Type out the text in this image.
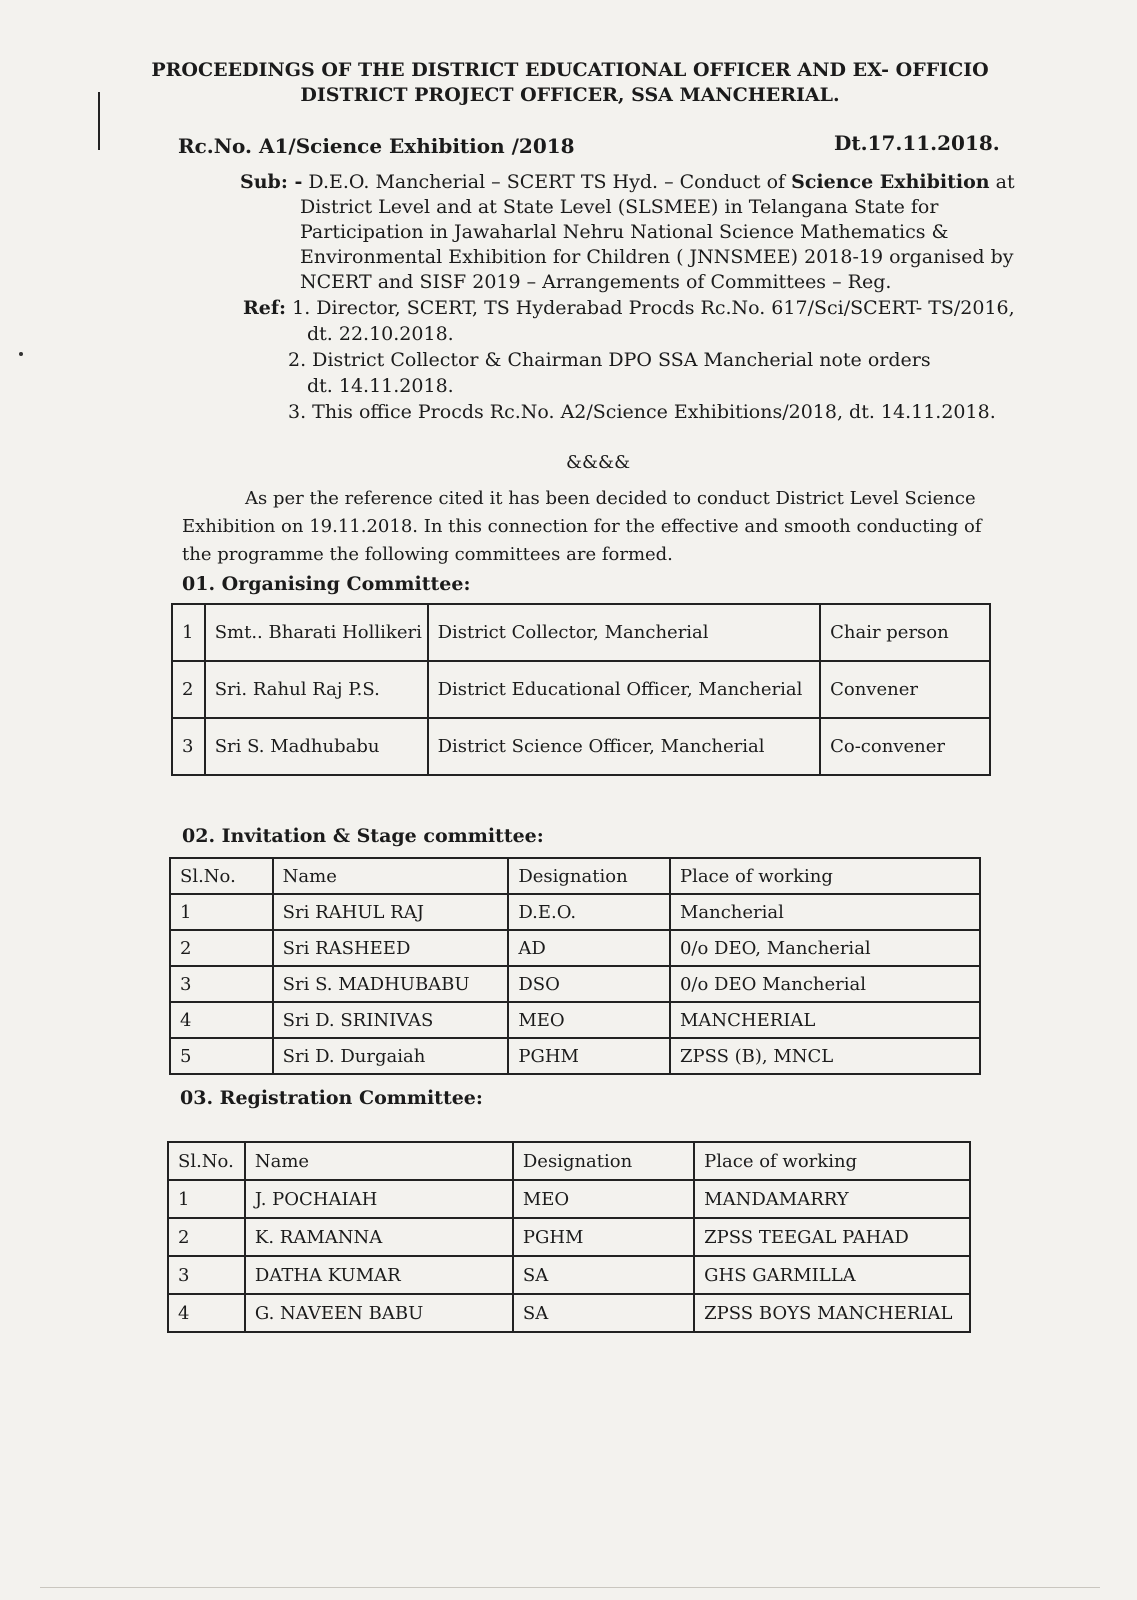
PROCEEDINGS OF THE DISTRICT EDUCATIONAL OFFICER AND EX- OFFICIO
DISTRICT PROJECT OFFICER, SSA MANCHERIAL.
Rc.No. A1/Science Exhibition /2018	Dt.17.11.2018.
Sub: - D.E.O. Mancherial – SCERT TS Hyd. – Conduct of Science Exhibition at
District Level and at State Level (SLSMEE) in Telangana State for
Participation in Jawaharlal Nehru National Science Mathematics &
Environmental Exhibition for Children ( JNNSMEE) 2018-19 organised by
NCERT and SISF 2019 – Arrangements of Committees – Reg.
Ref: 1. Director, SCERT, TS Hyderabad Procds Rc.No. 617/Sci/SCERT- TS/2016,
dt. 22.10.2018.
2. District Collector & Chairman DPO SSA Mancherial note orders
dt. 14.11.2018.
3. This office Procds Rc.No. A2/Science Exhibitions/2018, dt. 14.11.2018.
&&&&
As per the reference cited it has been decided to conduct District Level Science
Exhibition on 19.11.2018. In this connection for the effective and smooth conducting of
the programme the following committees are formed.
01. Organising Committee:
1	Smt.. Bharati Hollikeri	District Collector, Mancherial	Chair person
2	Sri. Rahul Raj P.S.	District Educational Officer, Mancherial	Convener
3	Sri S. Madhubabu	District Science Officer, Mancherial	Co-convener
02. Invitation & Stage committee:
Sl.No.	Name	Designation	Place of working
1	Sri RAHUL RAJ	D.E.O.	Mancherial
2	Sri RASHEED	AD	0/o DEO, Mancherial
3	Sri S. MADHUBABU	DSO	0/o DEO Mancherial
4	Sri D. SRINIVAS	MEO	MANCHERIAL
5	Sri D. Durgaiah	PGHM	ZPSS (B), MNCL
03. Registration Committee:
Sl.No.	Name	Designation	Place of working
1	J. POCHAIAH	MEO	MANDAMARRY
2	K. RAMANNA	PGHM	ZPSS TEEGAL PAHAD
3	DATHA KUMAR	SA	GHS GARMILLA
4	G. NAVEEN BABU	SA	ZPSS BOYS MANCHERIAL
